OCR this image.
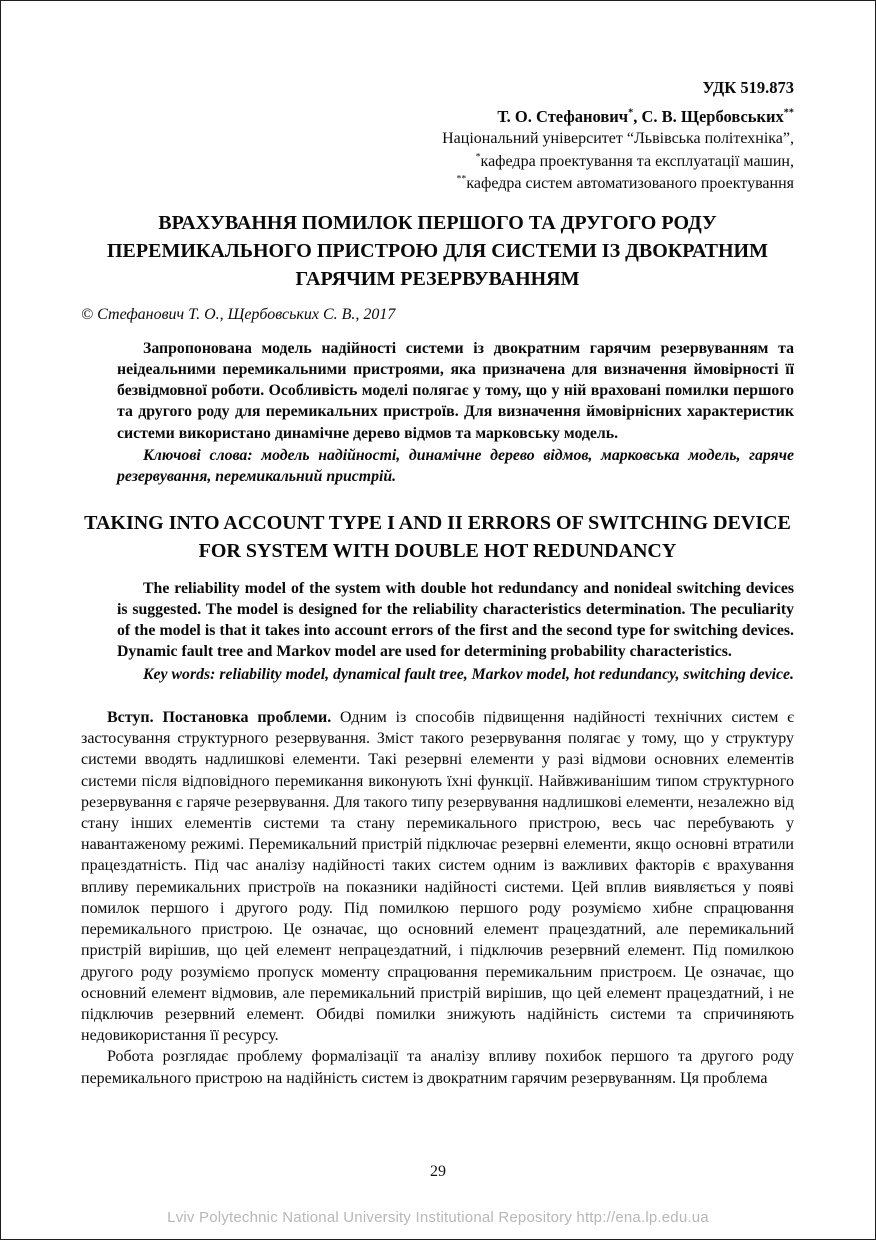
УДК 519.873

Т. О. Стефанович*, С. В. Щербовських**

Національний університет “Львівська політехніка”,

*кафедра проектування та експлуатації машин,

**кафедра систем автоматизованого проектування

ВРАХУВАННЯ ПОМИЛОК ПЕРШОГО ТА ДРУГОГО РОДУ ПЕРЕМИКАЛЬНОГО ПРИСТРОЮ ДЛЯ СИСТЕМИ ІЗ ДВОКРАТНИМ ГАРЯЧИМ РЕЗЕРВУВАННЯМ

© Стефанович Т. О., Щербовських С. В., 2017

Запропонована модель надійності системи із двократним гарячим резервуванням та неідеальними перемикальними пристроями, яка призначена для визначення ймовірності її безвідмовної роботи. Особливість моделі полягає у тому, що у ній враховані помилки першого та другого роду для перемикальних пристроїв. Для визначення ймовірнісних характеристик системи використано динамічне дерево відмов та марковську модель.

Ключові слова: модель надійності, динамічне дерево відмов, марковська модель, гаряче резервування, перемикальний пристрій.

TAKING INTO ACCOUNT TYPE I AND II ERRORS OF SWITCHING DEVICE FOR SYSTEM WITH DOUBLE HOT REDUNDANCY

The reliability model of the system with double hot redundancy and nonideal switching devices is suggested. The model is designed for the reliability characteristics determination. The peculiarity of the model is that it takes into account errors of the first and the second type for switching devices. Dynamic fault tree and Markov model are used for determining probability characteristics.

Key words: reliability model, dynamical fault tree, Markov model, hot redundancy, switching device.

Вступ. Постановка проблеми. Одним із способів підвищення надійності технічних систем є застосування структурного резервування. Зміст такого резервування полягає у тому, що у структуру системи вводять надлишкові елементи. Такі резервні елементи у разі відмови основних елементів системи після відповідного перемикання виконують їхні функції. Найвживанішим типом структурного резервування є гаряче резервування. Для такого типу резервування надлишкові елементи, незалежно від стану інших елементів системи та стану перемикального пристрою, весь час перебувають у навантаженому режимі. Перемикальний пристрій підключає резервні елементи, якщо основні втратили працездатність. Під час аналізу надійності таких систем одним із важливих факторів є врахування впливу перемикальних пристроїв на показники надійності системи. Цей вплив виявляється у появі помилок першого і другого роду. Під помилкою першого роду розуміємо хибне спрацювання перемикального пристрою. Це означає, що основний елемент працездатний, але перемикальний пристрій вирішив, що цей елемент непрацездатний, і підключив резервний елемент. Під помилкою другого роду розуміємо пропуск моменту спрацювання перемикальним пристроєм. Це означає, що основний елемент відмовив, але перемикальний пристрій вирішив, що цей елемент працездатний, і не підключив резервний елемент. Обидві помилки знижують надійність системи та спричиняють недовикористання її ресурсу.

Робота розглядає проблему формалізації та аналізу впливу похибок першого та другого роду перемикального пристрою на надійність систем із двократним гарячим резервуванням. Ця проблема

29
Lviv Polytechnic National University Institutional Repository http://ena.lp.edu.ua
